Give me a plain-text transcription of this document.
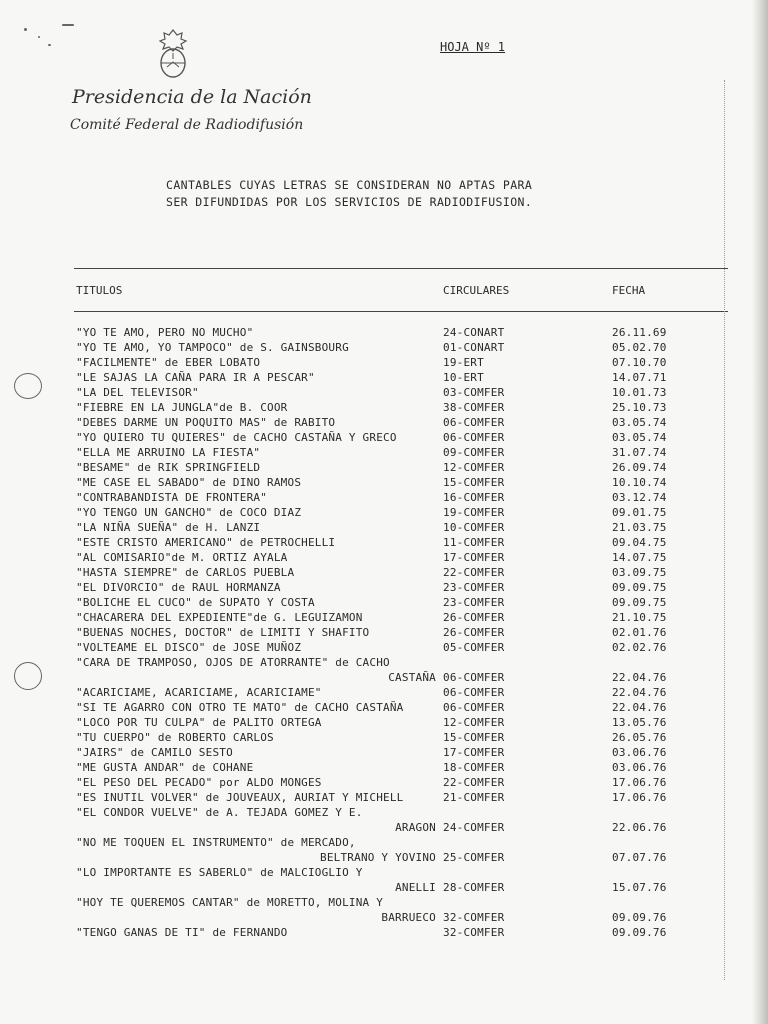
Presidencia de la Nación
Comité Federal de Radiodifusión
HOJA Nº 1
CANTABLES CUYAS LETRAS SE CONSIDERAN NO APTAS PARA
SER DIFUNDIDAS POR LOS SERVICIOS DE RADIODIFUSION.
TITULOS	CIRCULARES	FECHA
"YO TE AMO, PERO NO MUCHO"	24-CONART	26.11.69
"YO TE AMO, YO TAMPOCO" de S. GAINSBOURG	01-CONART	05.02.70
"FACILMENTE" de EBER LOBATO	19-ERT	07.10.70
"LE SAJAS LA CAÑA PARA IR A PESCAR"	10-ERT	14.07.71
"LA DEL TELEVISOR"	03-COMFER	10.01.73
"FIEBRE EN LA JUNGLA"de B. COOR	38-COMFER	25.10.73
"DEBES DARME UN POQUITO MAS" de RABITO	06-COMFER	03.05.74
"YO QUIERO TU QUIERES" de CACHO CASTAÑA Y GRECO	06-COMFER	03.05.74
"ELLA ME ARRUINO LA FIESTA"	09-COMFER	31.07.74
"BESAME" de RIK SPRINGFIELD	12-COMFER	26.09.74
"ME CASE EL SABADO" de DINO RAMOS	15-COMFER	10.10.74
"CONTRABANDISTA DE FRONTERA"	16-COMFER	03.12.74
"YO TENGO UN GANCHO" de COCO DIAZ	19-COMFER	09.01.75
"LA NIÑA SUEÑA" de H. LANZI	10-COMFER	21.03.75
"ESTE CRISTO AMERICANO" de PETROCHELLI	11-COMFER	09.04.75
"AL COMISARIO"de M. ORTIZ AYALA	17-COMFER	14.07.75
"HASTA SIEMPRE" de CARLOS PUEBLA	22-COMFER	03.09.75
"EL DIVORCIO" de RAUL HORMANZA	23-COMFER	09.09.75
"BOLICHE EL CUCO" de SUPATO Y COSTA	23-COMFER	09.09.75
"CHACARERA DEL EXPEDIENTE"de G. LEGUIZAMON	26-COMFER	21.10.75
"BUENAS NOCHES, DOCTOR" de LIMITI Y SHAFITO	26-COMFER	02.01.76
"VOLTEAME EL DISCO" de JOSE MUÑOZ	05-COMFER	02.02.76
"CARA DE TRAMPOSO, OJOS DE ATORRANTE" de CACHO
CASTAÑA 06-COMFER	22.04.76
"ACARICIAME, ACARICIAME, ACARICIAME"	06-COMFER	22.04.76
"SI TE AGARRO CON OTRO TE MATO" de CACHO CASTAÑA	06-COMFER	22.04.76
"LOCO POR TU CULPA" de PALITO ORTEGA	12-COMFER	13.05.76
"TU CUERPO" de ROBERTO CARLOS	15-COMFER	26.05.76
"JAIRS" de CAMILO SESTO	17-COMFER	03.06.76
"ME GUSTA ANDAR" de COHANE	18-COMFER	03.06.76
"EL PESO DEL PECADO" por ALDO MONGES	22-COMFER	17.06.76
"ES INUTIL VOLVER" de JOUVEAUX, AURIAT Y MICHELL	21-COMFER	17.06.76
"EL CONDOR VUELVE" de A. TEJADA GOMEZ Y E.
ARAGON 24-COMFER	22.06.76
"NO ME TOQUEN EL INSTRUMENTO" de MERCADO,
BELTRANO Y YOVINO 25-COMFER	07.07.76
"LO IMPORTANTE ES SABERLO" de MALCIOGLIO Y
ANELLI 28-COMFER	15.07.76
"HOY TE QUEREMOS CANTAR" de MORETTO, MOLINA Y
BARRUECO 32-COMFER	09.09.76
"TENGO GANAS DE TI" de FERNANDO	32-COMFER	09.09.76
